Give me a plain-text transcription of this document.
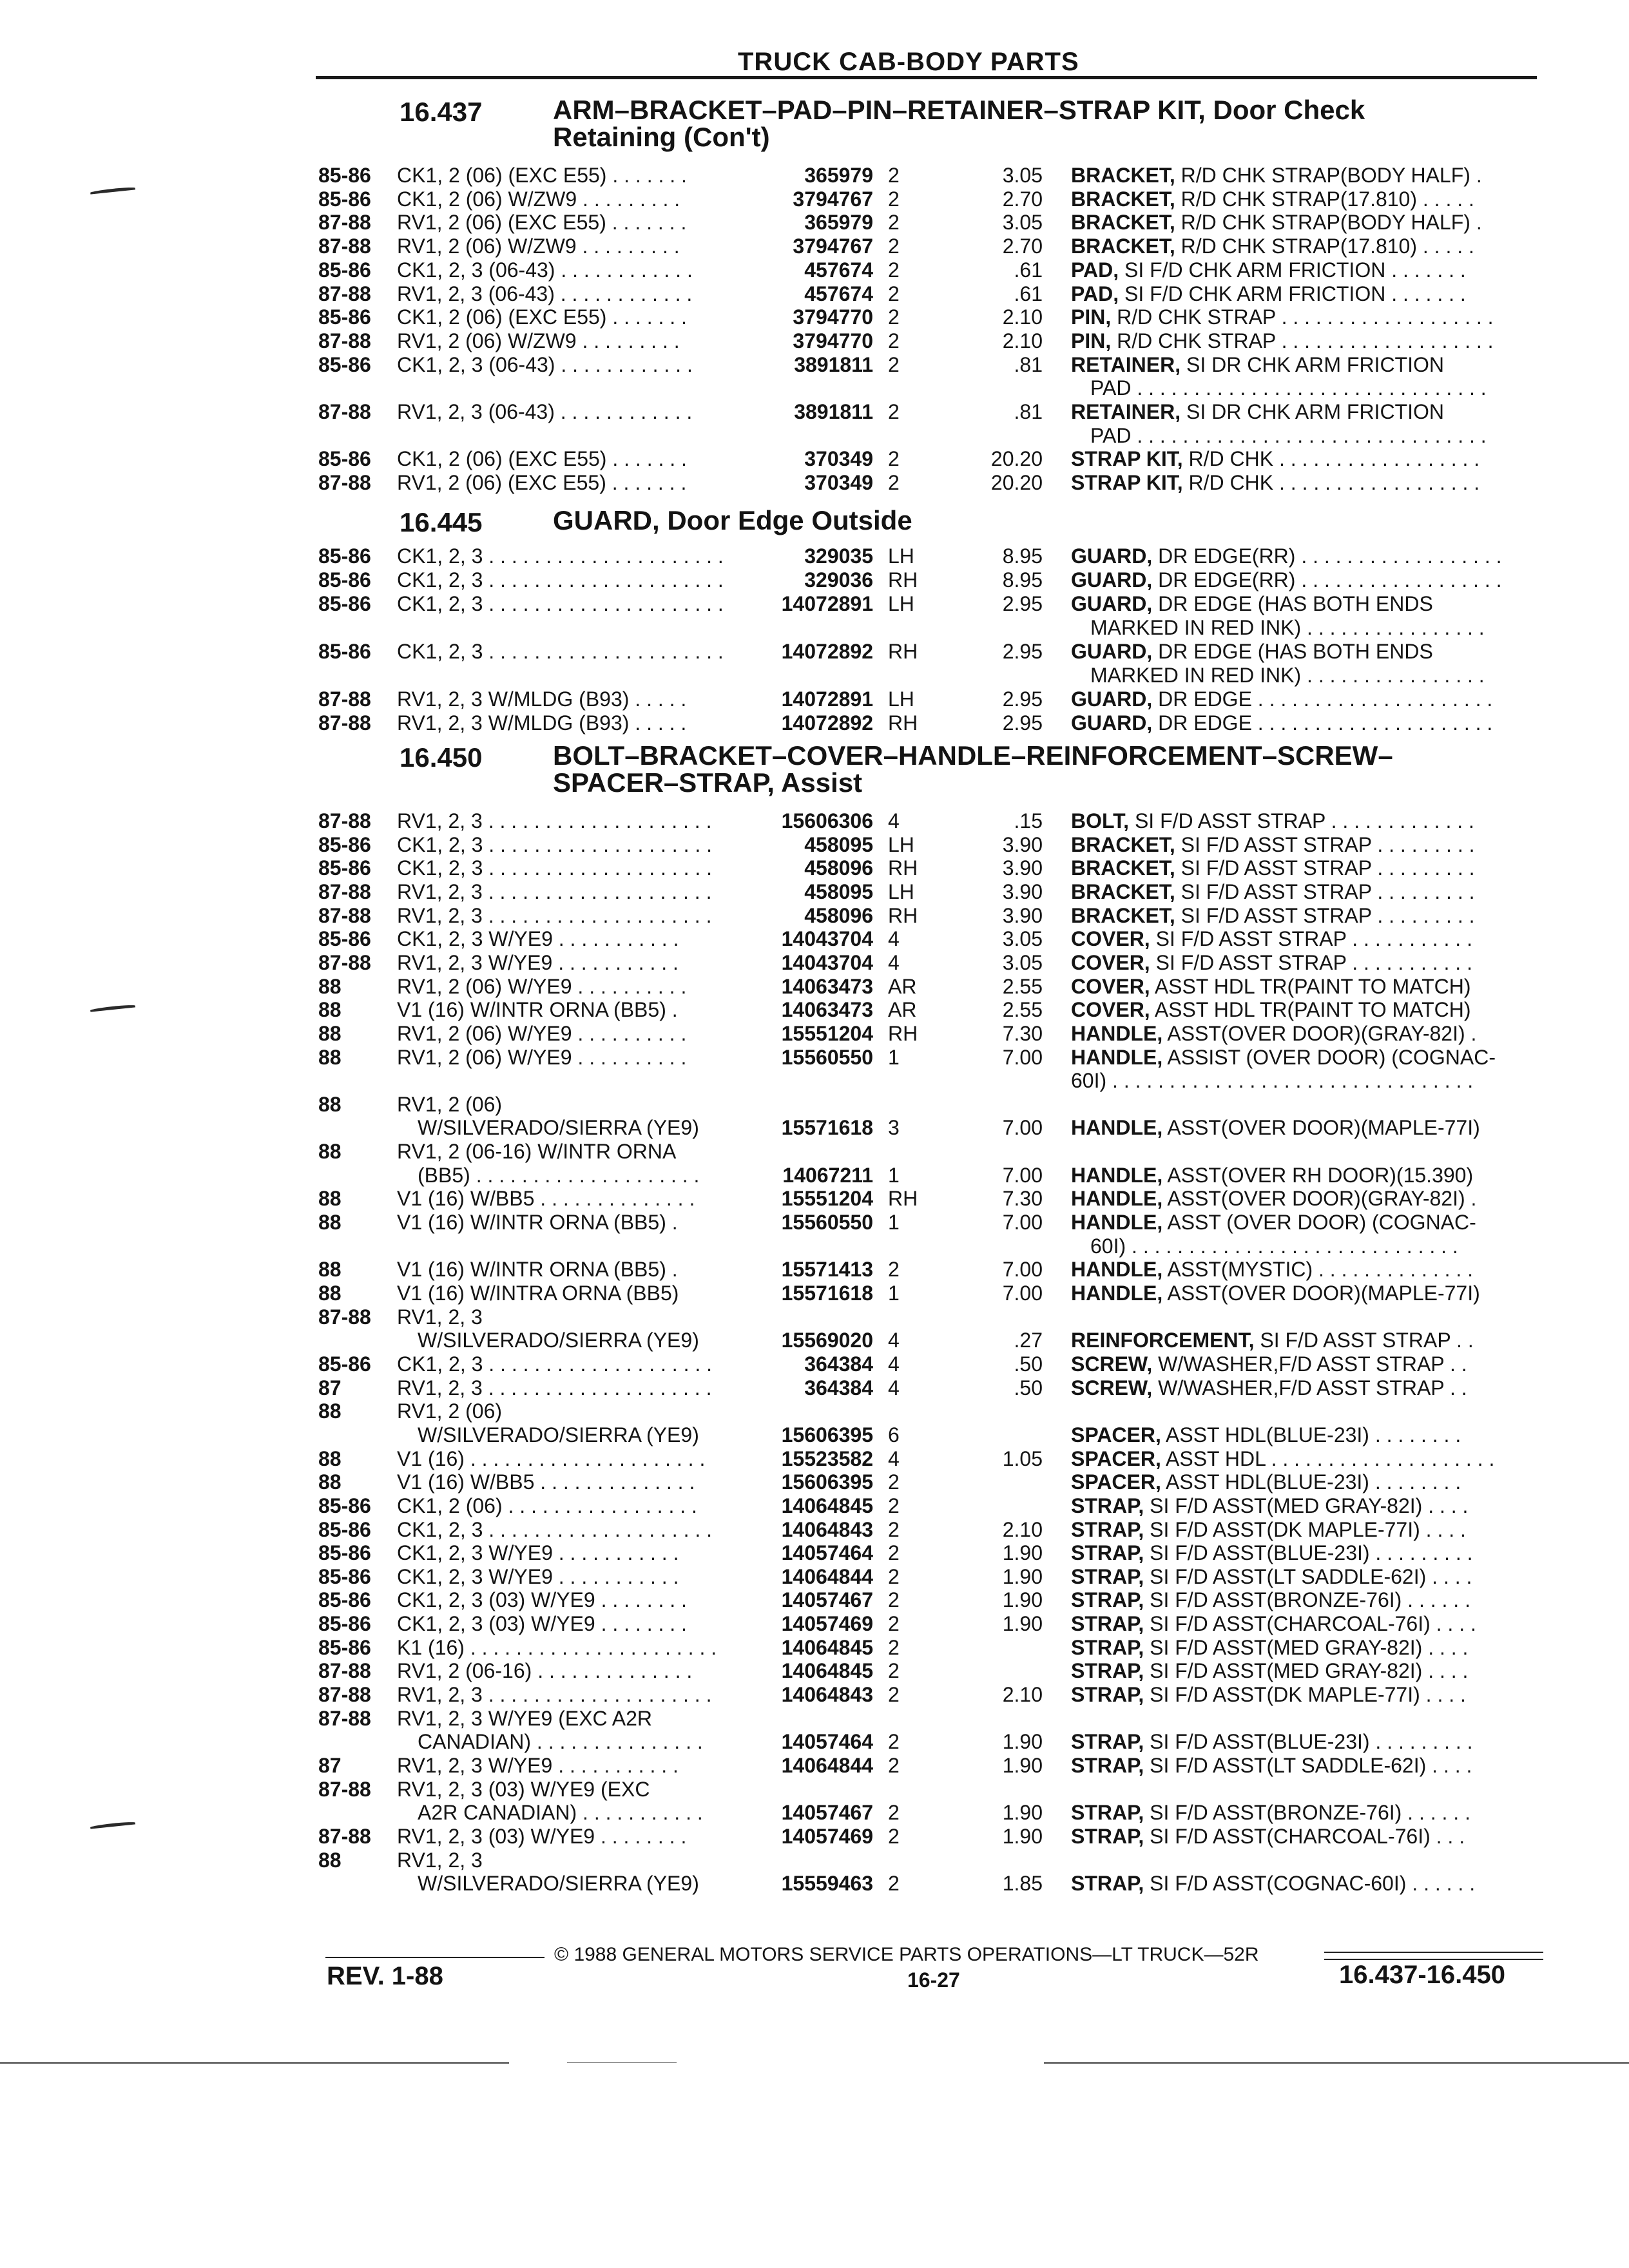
TRUCK CAB-BODY PARTS
16.437	ARM–BRACKET–PAD–PIN–RETAINER–STRAP KIT, Door Check
Retaining (Con't)
85-86	CK1, 2 (06) (EXC E55) . . . . . . .	365979 2	3.05 BRACKET, R/D CHK STRAP(BODY HALF) .
85-86	CK1, 2 (06) W/ZW9 . . . . . . . . .	3794767 2	2.70 BRACKET, R/D CHK STRAP(17.810) . . . . .
87-88	RV1, 2 (06) (EXC E55) . . . . . . .	365979 2	3.05 BRACKET, R/D CHK STRAP(BODY HALF) .
87-88	RV1, 2 (06) W/ZW9 . . . . . . . . .	3794767 2	2.70 BRACKET, R/D CHK STRAP(17.810) . . . . .
85-86	CK1, 2, 3 (06-43) . . . . . . . . . . . .	457674 2	.61 PAD, SI F/D CHK ARM FRICTION . . . . . . .
87-88	RV1, 2, 3 (06-43) . . . . . . . . . . . .	457674 2	.61 PAD, SI F/D CHK ARM FRICTION . . . . . . .
85-86	CK1, 2 (06) (EXC E55) . . . . . . .	3794770 2	2.10 PIN, R/D CHK STRAP . . . . . . . . . . . . . . . . . . .
87-88	RV1, 2 (06) W/ZW9 . . . . . . . . .	3794770 2	2.10 PIN, R/D CHK STRAP . . . . . . . . . . . . . . . . . . .
85-86	CK1, 2, 3 (06-43) . . . . . . . . . . . .	3891811 2	.81 RETAINER, SI DR CHK ARM FRICTION
PAD . . . . . . . . . . . . . . . . . . . . . . . . . . . . . . .
87-88	RV1, 2, 3 (06-43) . . . . . . . . . . . .	3891811 2	.81 RETAINER, SI DR CHK ARM FRICTION
PAD . . . . . . . . . . . . . . . . . . . . . . . . . . . . . . .
85-86	CK1, 2 (06) (EXC E55) . . . . . . .	370349 2	20.20 STRAP KIT, R/D CHK . . . . . . . . . . . . . . . . . .
87-88	RV1, 2 (06) (EXC E55) . . . . . . .	370349 2	20.20 STRAP KIT, R/D CHK . . . . . . . . . . . . . . . . . .
16.445	GUARD, Door Edge Outside
85-86	CK1, 2, 3 . . . . . . . . . . . . . . . . . . . . .	329035 LH	8.95 GUARD, DR EDGE(RR) . . . . . . . . . . . . . . . . . .
85-86	CK1, 2, 3 . . . . . . . . . . . . . . . . . . . . .	329036 RH	8.95 GUARD, DR EDGE(RR) . . . . . . . . . . . . . . . . . .
85-86	CK1, 2, 3 . . . . . . . . . . . . . . . . . . . . .	14072891 LH	2.95 GUARD, DR EDGE (HAS BOTH ENDS
MARKED IN RED INK) . . . . . . . . . . . . . . . .
85-86	CK1, 2, 3 . . . . . . . . . . . . . . . . . . . . .	14072892 RH	2.95 GUARD, DR EDGE (HAS BOTH ENDS
MARKED IN RED INK) . . . . . . . . . . . . . . . .
87-88	RV1, 2, 3 W/MLDG (B93) . . . . .	14072891 LH	2.95 GUARD, DR EDGE . . . . . . . . . . . . . . . . . . . . .
87-88	RV1, 2, 3 W/MLDG (B93) . . . . .	14072892 RH	2.95 GUARD, DR EDGE . . . . . . . . . . . . . . . . . . . . .
16.450	BOLT–BRACKET–COVER–HANDLE–REINFORCEMENT–SCREW–
SPACER–STRAP, Assist
87-88	RV1, 2, 3 . . . . . . . . . . . . . . . . . . . .	15606306 4	.15 BOLT, SI F/D ASST STRAP . . . . . . . . . . . . .
85-86	CK1, 2, 3 . . . . . . . . . . . . . . . . . . . .	458095 LH	3.90 BRACKET, SI F/D ASST STRAP . . . . . . . . .
85-86	CK1, 2, 3 . . . . . . . . . . . . . . . . . . . .	458096 RH	3.90 BRACKET, SI F/D ASST STRAP . . . . . . . . .
87-88	RV1, 2, 3 . . . . . . . . . . . . . . . . . . . .	458095 LH	3.90 BRACKET, SI F/D ASST STRAP . . . . . . . . .
87-88	RV1, 2, 3 . . . . . . . . . . . . . . . . . . . .	458096 RH	3.90 BRACKET, SI F/D ASST STRAP . . . . . . . . .
85-86	CK1, 2, 3 W/YE9 . . . . . . . . . . .	14043704 4	3.05 COVER, SI F/D ASST STRAP . . . . . . . . . . .
87-88	RV1, 2, 3 W/YE9 . . . . . . . . . . .	14043704 4	3.05 COVER, SI F/D ASST STRAP . . . . . . . . . . .
88	RV1, 2 (06) W/YE9 . . . . . . . . . .	14063473 AR	2.55 COVER, ASST HDL TR(PAINT TO MATCH)
88	V1 (16) W/INTR ORNA (BB5) .	14063473 AR	2.55 COVER, ASST HDL TR(PAINT TO MATCH)
88	RV1, 2 (06) W/YE9 . . . . . . . . . .	15551204 RH	7.30 HANDLE, ASST(OVER DOOR)(GRAY-82I) .
88	RV1, 2 (06) W/YE9 . . . . . . . . . .	15560550 1	7.00 HANDLE, ASSIST (OVER DOOR) (COGNAC-
60I) . . . . . . . . . . . . . . . . . . . . . . . . . . . . . . . .
88	RV1, 2 (06)
W/SILVERADO/SIERRA (YE9)	15571618 3	7.00 HANDLE, ASST(OVER DOOR)(MAPLE-77I)
88	RV1, 2 (06-16) W/INTR ORNA
(BB5) . . . . . . . . . . . . . . . . . . . .	14067211 1	7.00 HANDLE, ASST(OVER RH DOOR)(15.390)
88	V1 (16) W/BB5 . . . . . . . . . . . . . .	15551204 RH	7.30 HANDLE, ASST(OVER DOOR)(GRAY-82I) .
88	V1 (16) W/INTR ORNA (BB5) .	15560550 1	7.00 HANDLE, ASST (OVER DOOR) (COGNAC-
60I) . . . . . . . . . . . . . . . . . . . . . . . . . . . . .
88	V1 (16) W/INTR ORNA (BB5) .	15571413 2	7.00 HANDLE, ASST(MYSTIC) . . . . . . . . . . . . . .
88	V1 (16) W/INTRA ORNA (BB5)	15571618 1	7.00 HANDLE, ASST(OVER DOOR)(MAPLE-77I)
87-88	RV1, 2, 3
W/SILVERADO/SIERRA (YE9)	15569020 4	.27 REINFORCEMENT, SI F/D ASST STRAP . .
85-86	CK1, 2, 3 . . . . . . . . . . . . . . . . . . . .	364384 4	.50 SCREW, W/WASHER,F/D ASST STRAP . .
87	RV1, 2, 3 . . . . . . . . . . . . . . . . . . . .	364384 4	.50 SCREW, W/WASHER,F/D ASST STRAP . .
88	RV1, 2 (06)
W/SILVERADO/SIERRA (YE9)	15606395 6	SPACER, ASST HDL(BLUE-23I) . . . . . . . .
88	V1 (16) . . . . . . . . . . . . . . . . . . . . .	15523582 4	1.05 SPACER, ASST HDL . . . . . . . . . . . . . . . . . . . .
88	V1 (16) W/BB5 . . . . . . . . . . . . . .	15606395 2	SPACER, ASST HDL(BLUE-23I) . . . . . . . .
85-86	CK1, 2 (06) . . . . . . . . . . . . . . . . .	14064845 2	STRAP, SI F/D ASST(MED GRAY-82I) . . . .
85-86	CK1, 2, 3 . . . . . . . . . . . . . . . . . . . .	14064843 2	2.10 STRAP, SI F/D ASST(DK MAPLE-77I) . . . .
85-86	CK1, 2, 3 W/YE9 . . . . . . . . . . .	14057464 2	1.90 STRAP, SI F/D ASST(BLUE-23I) . . . . . . . . .
85-86	CK1, 2, 3 W/YE9 . . . . . . . . . . .	14064844 2	1.90 STRAP, SI F/D ASST(LT SADDLE-62I) . . . .
85-86	CK1, 2, 3 (03) W/YE9 . . . . . . . .	14057467 2	1.90 STRAP, SI F/D ASST(BRONZE-76I) . . . . . .
85-86	CK1, 2, 3 (03) W/YE9 . . . . . . . .	14057469 2	1.90 STRAP, SI F/D ASST(CHARCOAL-76I) . . . .
85-86	K1 (16) . . . . . . . . . . . . . . . . . . . . . .	14064845 2	STRAP, SI F/D ASST(MED GRAY-82I) . . . .
87-88	RV1, 2 (06-16) . . . . . . . . . . . . . .	14064845 2	STRAP, SI F/D ASST(MED GRAY-82I) . . . .
87-88	RV1, 2, 3 . . . . . . . . . . . . . . . . . . . .	14064843 2	2.10 STRAP, SI F/D ASST(DK MAPLE-77I) . . . .
87-88	RV1, 2, 3 W/YE9 (EXC A2R
CANADIAN) . . . . . . . . . . . . . . .	14057464 2	1.90 STRAP, SI F/D ASST(BLUE-23I) . . . . . . . . .
87	RV1, 2, 3 W/YE9 . . . . . . . . . . .	14064844 2	1.90 STRAP, SI F/D ASST(LT SADDLE-62I) . . . .
87-88	RV1, 2, 3 (03) W/YE9 (EXC
A2R CANADIAN) . . . . . . . . . . .	14057467 2	1.90 STRAP, SI F/D ASST(BRONZE-76I) . . . . . .
87-88	RV1, 2, 3 (03) W/YE9 . . . . . . . .	14057469 2	1.90 STRAP, SI F/D ASST(CHARCOAL-76I) . . .
88	RV1, 2, 3
W/SILVERADO/SIERRA (YE9)	15559463 2	1.85 STRAP, SI F/D ASST(COGNAC-60I) . . . . . .
© 1988 GENERAL MOTORS SERVICE PARTS OPERATIONS—LT TRUCK—52R
REV. 1-88	16-27	16.437-16.450
